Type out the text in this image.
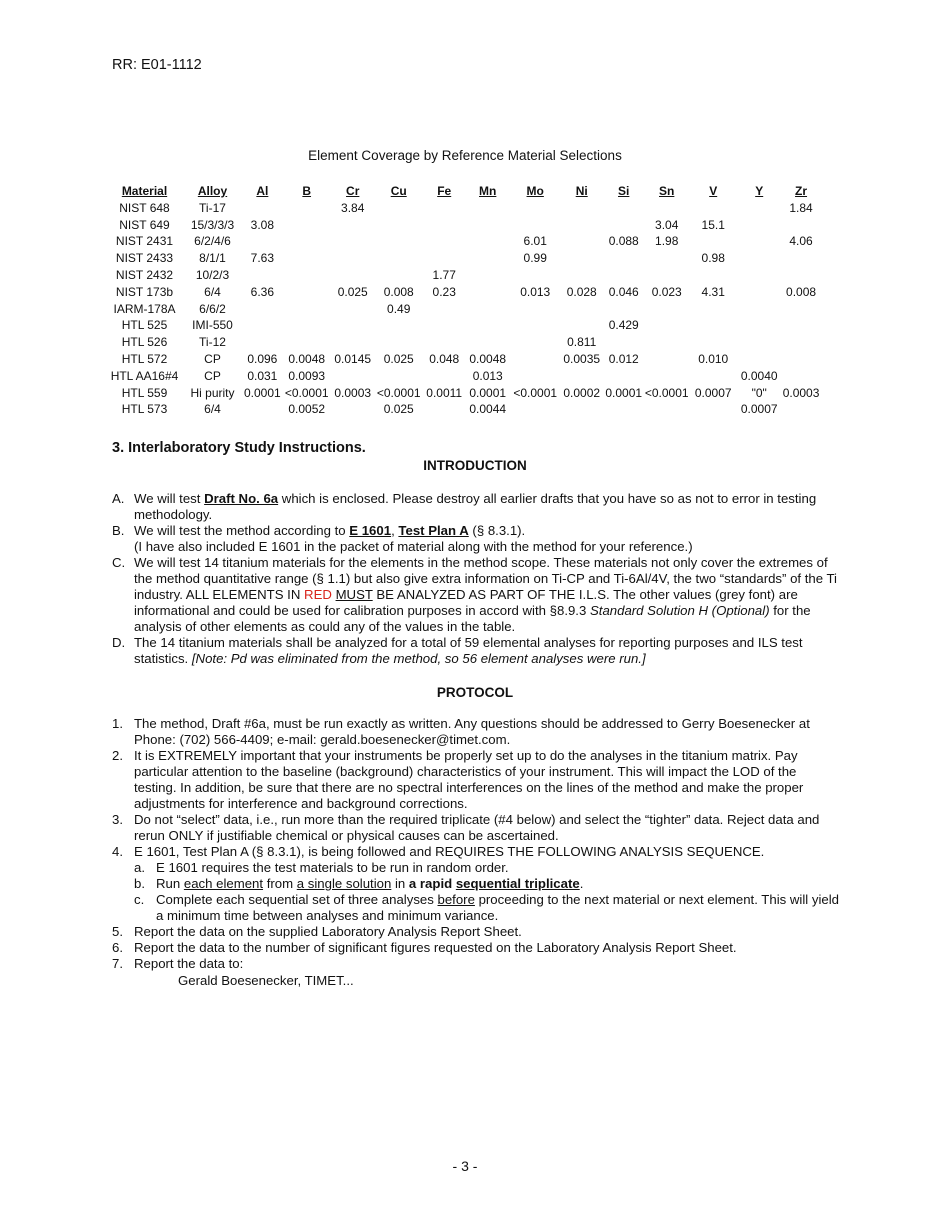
RR: E01-1112
Element Coverage by Reference Material Selections
Material	Alloy	Al	B	Cr	Cu	Fe	Mn	Mo	Ni	Si	Sn	V	Y	Zr
NIST 648	Ti-17			3.84										1.84
NIST 649	15/3/3/3	3.08									3.04	15.1		
NIST 2431	6/2/4/6							6.01		0.088	1.98			4.06
NIST 2433	8/1/1	7.63						0.99				0.98		
NIST 2432	10/2/3					1.77								
NIST 173b	6/4	6.36		0.025	0.008	0.23		0.013	0.028	0.046	0.023	4.31		0.008
IARM-178A	6/6/2				0.49									
HTL 525	IMI-550									0.429				
HTL 526	Ti-12								0.811					
HTL 572	CP	0.096	0.0048	0.0145	0.025	0.048	0.0048		0.0035	0.012		0.010		
HTL AA16#4	CP	0.031	0.0093				0.013						0.0040	
HTL 559	Hi purity	0.0001	<0.0001	0.0003	<0.0001	0.0011	0.0001	<0.0001	0.0002	0.0001	<0.0001	0.0007	"0"	0.0003
HTL 573	6/4		0.0052		0.025		0.0044						0.0007	
3. Interlaboratory Study Instructions.
INTRODUCTION
A. We will test Draft No. 6a which is enclosed. Please destroy all earlier drafts that you have so as not to error in testing methodology.
B. We will test the method according to E 1601, Test Plan A (§ 8.3.1).
(I have also included E 1601 in the packet of material along with the method for your reference.)
C. We will test 14 titanium materials for the elements in the method scope. These materials not only cover the extremes of the method quantitative range (§ 1.1) but also give extra information on Ti-CP and Ti-6Al/4V, the two “standards” of the Ti industry. ALL ELEMENTS IN RED MUST BE ANALYZED AS PART OF THE I.L.S. The other values (grey font) are informational and could be used for calibration purposes in accord with §8.9.3 Standard Solution H (Optional) for the analysis of other elements as could any of the values in the table.
D. The 14 titanium materials shall be analyzed for a total of 59 elemental analyses for reporting purposes and ILS test statistics. [Note: Pd was eliminated from the method, so 56 element analyses were run.]
PROTOCOL
1. The method, Draft #6a, must be run exactly as written. Any questions should be addressed to Gerry Boesenecker at Phone: (702) 566-4409; e-mail: gerald.boesenecker@timet.com.
2. It is EXTREMELY important that your instruments be properly set up to do the analyses in the titanium matrix. Pay particular attention to the baseline (background) characteristics of your instrument. This will impact the LOD of the testing. In addition, be sure that there are no spectral interferences on the lines of the method and make the proper adjustments for interference and background corrections.
3. Do not “select” data, i.e., run more than the required triplicate (#4 below) and select the “tighter” data. Reject data and rerun ONLY if justifiable chemical or physical causes can be ascertained.
4. E 1601, Test Plan A (§ 8.3.1), is being followed and REQUIRES THE FOLLOWING ANALYSIS SEQUENCE.
a. E 1601 requires the test materials to be run in random order.
b. Run each element from a single solution in a rapid sequential triplicate.
c. Complete each sequential set of three analyses before proceeding to the next material or next element. This will yield a minimum time between analyses and minimum variance.
5. Report the data on the supplied Laboratory Analysis Report Sheet.
6. Report the data to the number of significant figures requested on the Laboratory Analysis Report Sheet.
7. Report the data to:
Gerald Boesenecker, TIMET...
- 3 -
